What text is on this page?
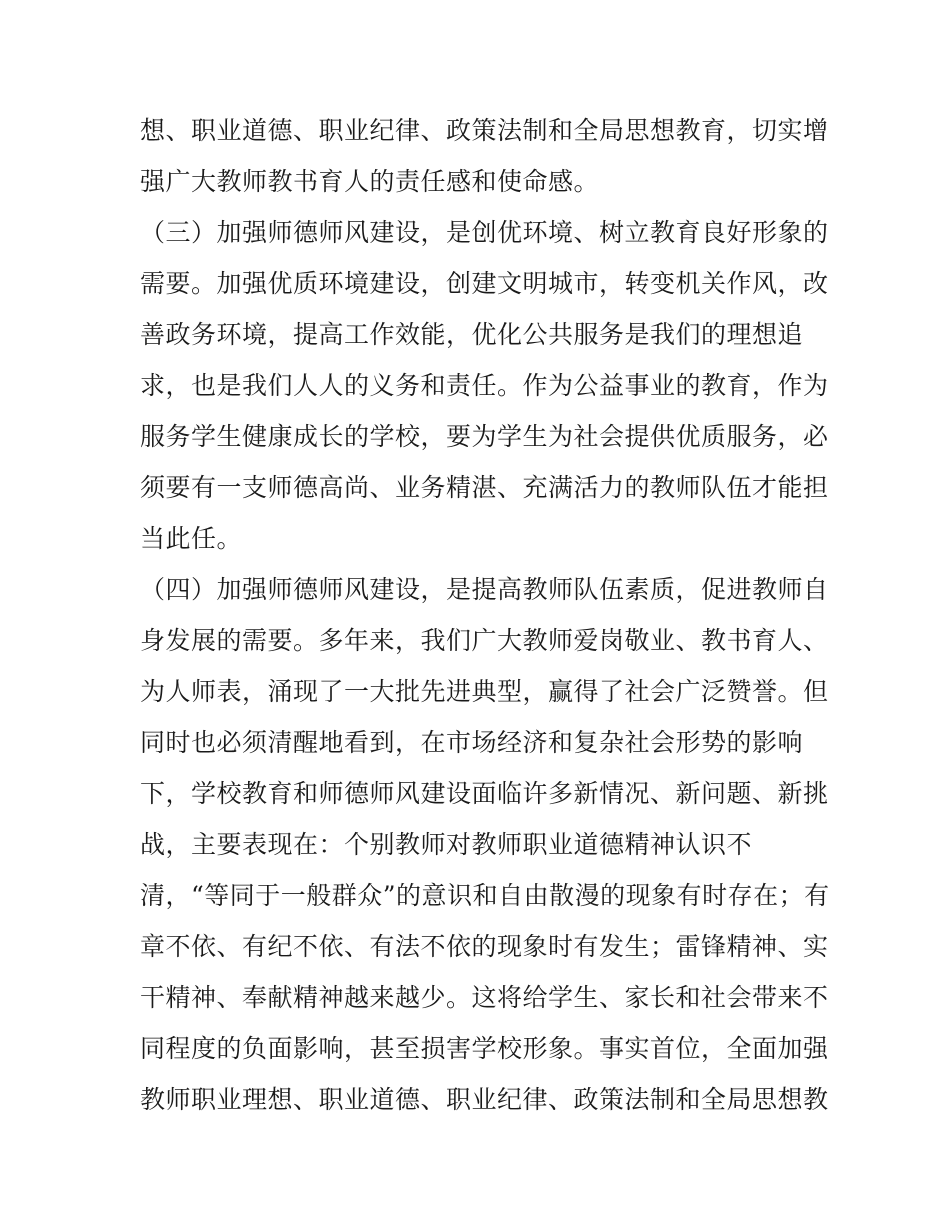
想、职业道德、职业纪律、政策法制和全局思想教育，切实增
强广大教师教书育人的责任感和使命感。
（三）加强师德师风建设，是创优环境、树立教育良好形象的
需要。加强优质环境建设，创建文明城市，转变机关作风，改
善政务环境，提高工作效能，优化公共服务是我们的理想追
求，也是我们人人的义务和责任。作为公益事业的教育，作为
服务学生健康成长的学校，要为学生为社会提供优质服务，必
须要有一支师德高尚、业务精湛、充满活力的教师队伍才能担
当此任。
（四）加强师德师风建设，是提高教师队伍素质，促进教师自
身发展的需要。多年来，我们广大教师爱岗敬业、教书育人、
为人师表，涌现了一大批先进典型，赢得了社会广泛赞誉。但
同时也必须清醒地看到，在市场经济和复杂社会形势的影响
下，学校教育和师德师风建设面临许多新情况、新问题、新挑
战，主要表现在：个别教师对教师职业道德精神认识不
清，“等同于一般群众”的意识和自由散漫的现象有时存在；有
章不依、有纪不依、有法不依的现象时有发生；雷锋精神、实
干精神、奉献精神越来越少。这将给学生、家长和社会带来不
同程度的负面影响，甚至损害学校形象。事实首位，全面加强
教师职业理想、职业道德、职业纪律、政策法制和全局思想教
